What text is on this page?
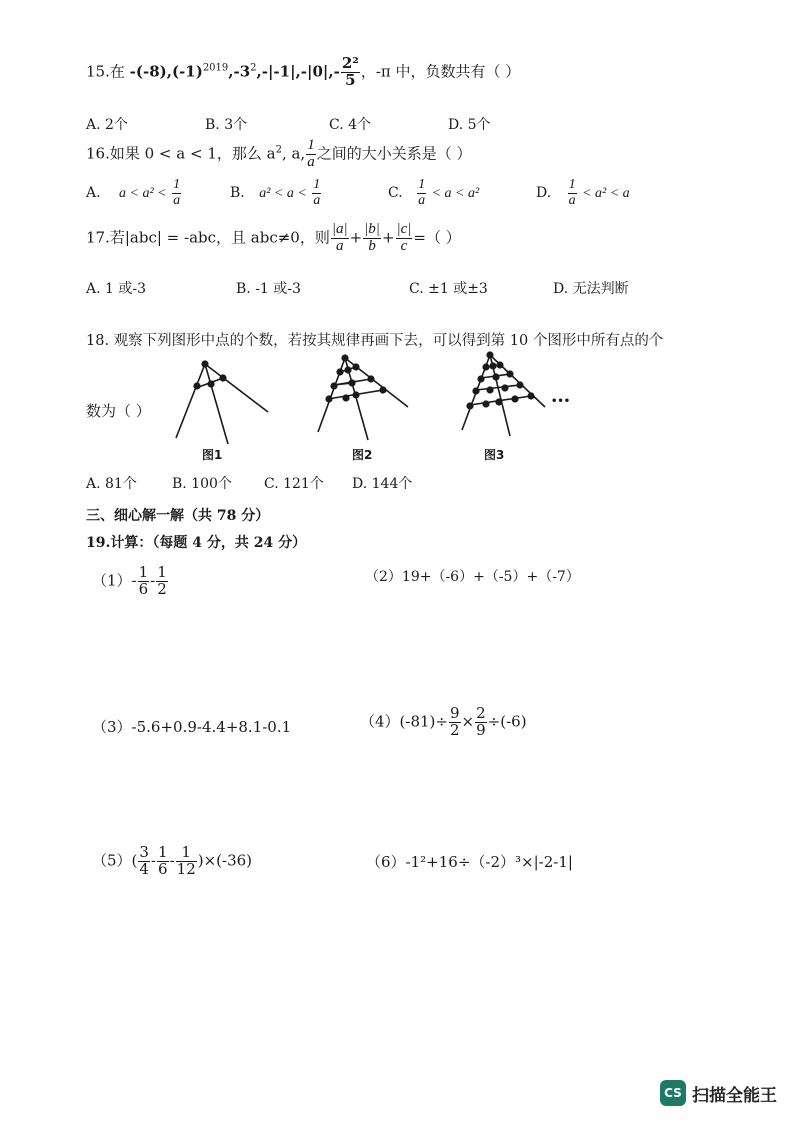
15.在 $-(-8),(-1)^{2019},-3^2,-|-1|,-|0|,- \frac{\text{2²}}{5}$ ，-π 中，负数共有（ ）
A. 2个	B. 3个	C. 4个	D. 5个
16.如果 0 < a < 1，那么 $a^2$, a, $\frac{1}{a}$ 之间的大小关系是（ ）
A. $a < a^2 < \frac{1}{a}$	B. $a^2 < a < \frac{1}{a}$	C. $\frac{1}{a} < a < a^2$	D. $\frac{1}{a} < a^2 < a$
17.若|abc| = -abc，且 abc≠0，则 $\frac{|a|}{a} + \frac{|b|}{b} + \frac{|c|}{c}$ =（ ）
A. 1 或-3	B. -1 或-3	C. ±1 或±3	D. 无法判断
18. 观察下列图形中点的个数，若按其规律再画下去，可以得到第 10 个图形中所有点的个
数为（ ）
图1	图2	图3
•••
A. 81个	B. 100个 C. 121个 D. 144个
三、细心解一解（共 78 分）
19.计算：（每题 4 分，共 24 分）
$(1)- \frac{1}{6} - \frac{1}{2}$	（2）19+（-6）+（-5）+（-7）
（3）-5.6+0.9-4.4+8.1-0.1	$(4)(-81)\div \frac{9}{2} \times \frac{2}{9} \div(-6)$
$(5)( \frac{3}{4} - \frac{1}{6} - \frac{1}{12} )\times(-36)$	（6）-1²+16÷（-2）³×|-2-1|
CS 扫描全能王
